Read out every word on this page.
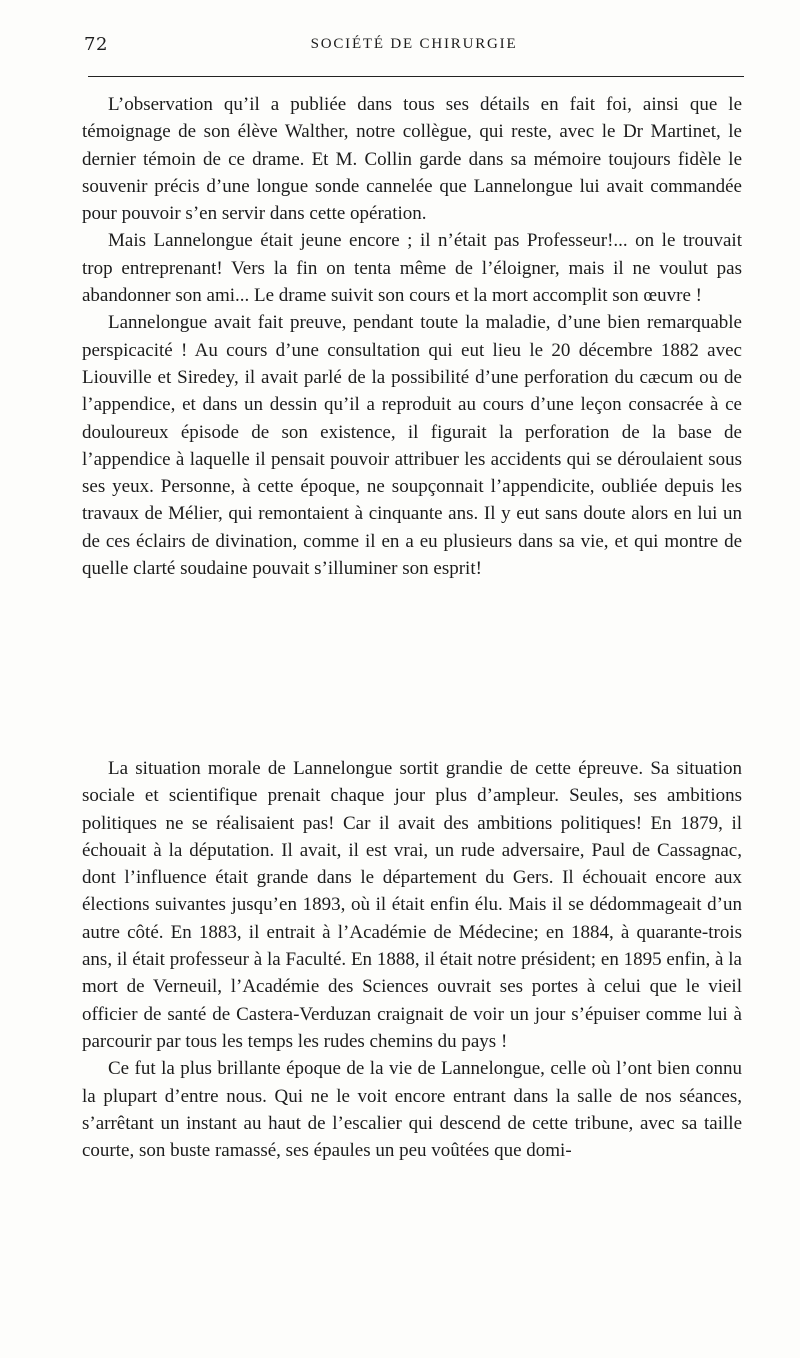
72	SOCIÉTÉ DE CHIRURGIE

L’observation qu’il a publiée dans tous ses détails en fait foi, ainsi que le témoignage de son élève Walther, notre collègue, qui reste, avec le Dr Martinet, le dernier témoin de ce drame. Et M. Collin garde dans sa mémoire toujours fidèle le souvenir précis d’une longue sonde cannelée que Lannelongue lui avait commandée pour pouvoir s’en servir dans cette opération.

Mais Lannelongue était jeune encore ; il n’était pas Professeur!... on le trouvait trop entreprenant! Vers la fin on tenta même de l’éloigner, mais il ne voulut pas abandonner son ami... Le drame suivit son cours et la mort accomplit son œuvre !

Lannelongue avait fait preuve, pendant toute la maladie, d’une bien remarquable perspicacité ! Au cours d’une consultation qui eut lieu le 20 décembre 1882 avec Liouville et Siredey, il avait parlé de la possibilité d’une perforation du cæcum ou de l’appendice, et dans un dessin qu’il a reproduit au cours d’une leçon consacrée à ce douloureux épisode de son existence, il figurait la perforation de la base de l’appendice à laquelle il pensait pouvoir attribuer les accidents qui se déroulaient sous ses yeux. Personne, à cette époque, ne soupçonnait l’appendicite, oubliée depuis les travaux de Mélier, qui remontaient à cinquante ans. Il y eut sans doute alors en lui un de ces éclairs de divination, comme il en a eu plusieurs dans sa vie, et qui montre de quelle clarté soudaine pouvait s’illuminer son esprit!

La situation morale de Lannelongue sortit grandie de cette épreuve. Sa situation sociale et scientifique prenait chaque jour plus d’ampleur. Seules, ses ambitions politiques ne se réalisaient pas! Car il avait des ambitions politiques! En 1879, il échouait à la députation. Il avait, il est vrai, un rude adversaire, Paul de Cassagnac, dont l’influence était grande dans le département du Gers. Il échouait encore aux élections suivantes jusqu’en 1893, où il était enfin élu. Mais il se dédommageait d’un autre côté. En 1883, il entrait à l’Académie de Médecine; en 1884, à quarante-trois ans, il était professeur à la Faculté. En 1888, il était notre président; en 1895 enfin, à la mort de Verneuil, l’Académie des Sciences ouvrait ses portes à celui que le vieil officier de santé de Castera-Verduzan craignait de voir un jour s’épuiser comme lui à parcourir par tous les temps les rudes chemins du pays !

Ce fut la plus brillante époque de la vie de Lannelongue, celle où l’ont bien connu la plupart d’entre nous. Qui ne le voit encore entrant dans la salle de nos séances, s’arrêtant un instant au haut de l’escalier qui descend de cette tribune, avec sa taille courte, son buste ramassé, ses épaules un peu voûtées que domi-
